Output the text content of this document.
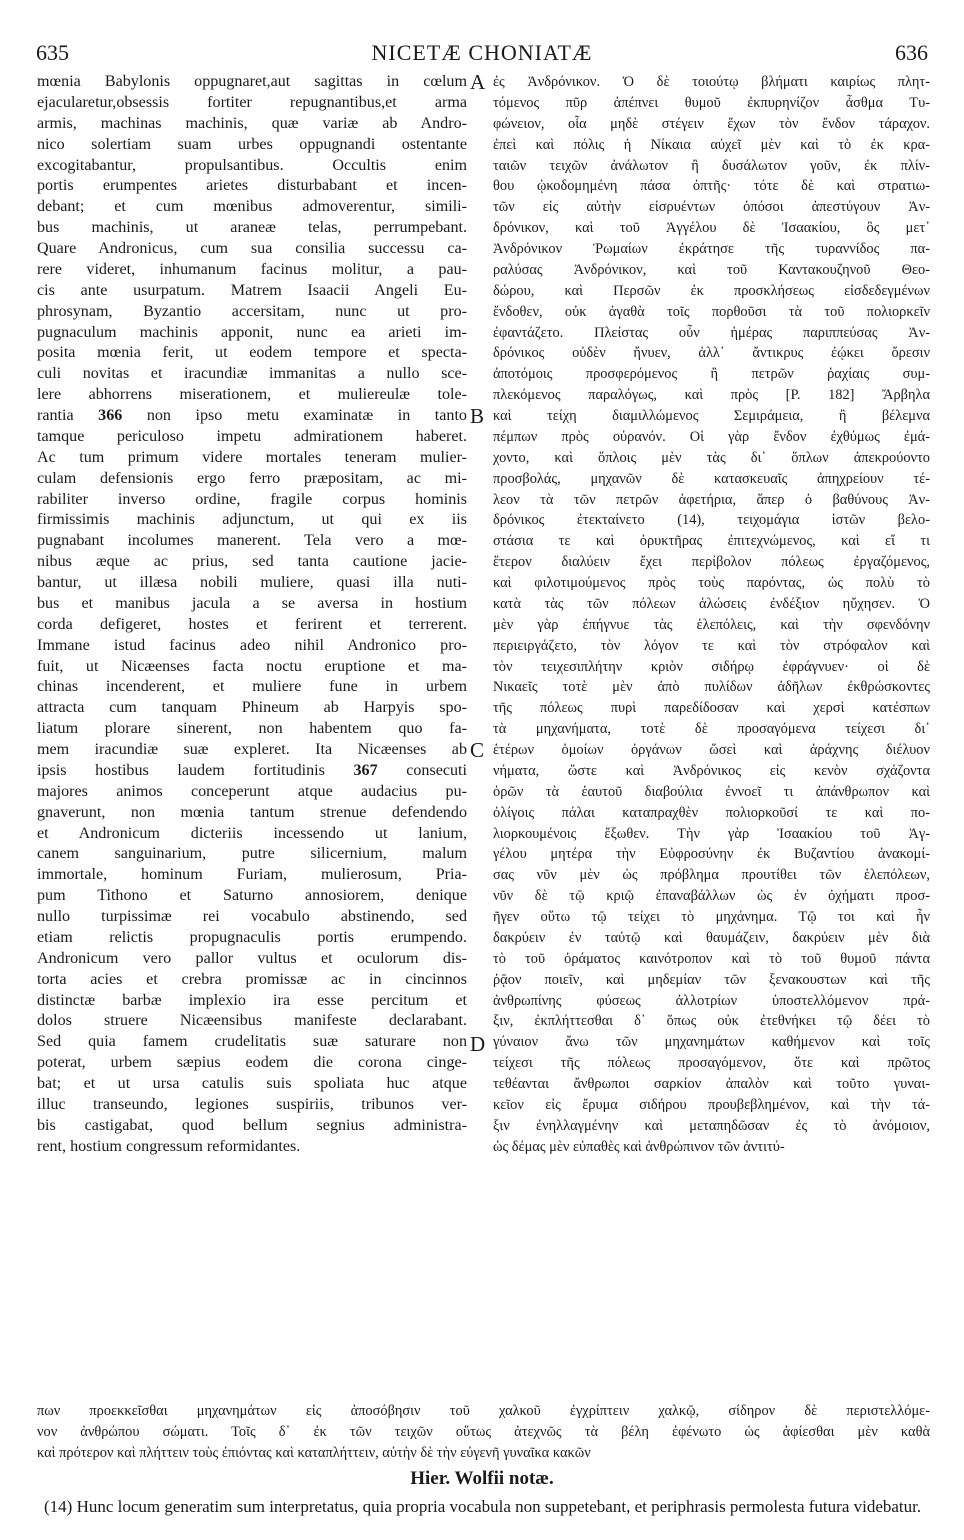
635	NICETÆ CHONIATÆ	636
mœnia Babylonis oppugnaret,aut sagittas in cœlum
ejacularetur,obsessis fortiter repugnantibus,et arma
armis, machinas machinis, quæ variæ ab Andro-
nico solertiam suam urbes oppugnandi ostentante
excogitabantur, propulsantibus. Occultis enim
portis erumpentes arietes disturbabant et incen-
debant; et cum mœnibus admoverentur, simili-
bus machinis, ut araneæ telas, perrumpebant.
Quare Andronicus, cum sua consilia successu ca-
rere videret, inhumanum facinus molitur, a pau-
cis ante usurpatum. Matrem Isaacii Angeli Eu-
phrosynam, Byzantio accersitam, nunc ut pro-
pugnaculum machinis apponit, nunc ea arieti im-
posita mœnia ferit, ut eodem tempore et specta-
culi novitas et iracundiæ immanitas a nullo sce-
lere abhorrens miserationem, et muliereulæ tole-
rantia 366 non ipso metu examinatæ in tanto
tamque periculoso impetu admirationem haberet.
Ac tum primum videre mortales teneram mulier-
culam defensionis ergo ferro præpositam, ac mi-
rabiliter inverso ordine, fragile corpus hominis
firmissimis machinis adjunctum, ut qui ex iis
pugnabant incolumes manerent. Tela vero a mœ-
nibus æque ac prius, sed tanta cautione jacie-
bantur, ut illæsa nobili muliere, quasi illa nuti-
bus et manibus jacula a se aversa in hostium
corda defigeret, hostes et ferirent et terrerent.
Immane istud facinus adeo nihil Andronico pro-
fuit, ut Nicæenses facta noctu eruptione et ma-
chinas incenderent, et muliere fune in urbem
attracta cum tanquam Phineum ab Harpyis spo-
liatum plorare sinerent, non habentem quo fa-
mem iracundiæ suæ expleret. Ita Nicæenses ab
ipsis hostibus laudem fortitudinis 367 consecuti
majores animos conceperunt atque audacius pu-
gnaverunt, non mœnia tantum strenue defendendo
et Andronicum dicteriis incessendo ut lanium,
canem sanguinarium, putre silicernium, malum
immortale, hominum Furiam, mulierosum, Pria-
pum Tithono et Saturno annosiorem, denique
nullo turpissimæ rei vocabulo abstinendo, sed
etiam relictis propugnaculis portis erumpendo.
Andronicum vero pallor vultus et oculorum dis-
torta acies et crebra promissæ ac in cincinnos
distinctæ barbæ implexio ira esse percitum et
dolos struere Nicæensibus manifeste declarabant.
Sed quia famem crudelitatis suæ saturare non
poterat, urbem sæpius eodem die corona cinge-
bat; et ut ursa catulis suis spoliata huc atque
illuc transeundo, legiones suspiriis, tribunos ver-
bis castigabat, quod bellum segnius administra-
rent, hostium congressum reformidantes.
ἐς Ἀνδρόνικον. Ὁ δὲ τοιούτῳ βλήματι καιρίως πλητ-
τόμενος πῦρ ἀπέπνει θυμοῦ ἐκπυρηνίζον ἆσθμα Τυ-
φώνειον, οἷα μηδὲ στέγειν ἔχων τὸν ἔνδον τάραχον.
ἐπεὶ καὶ πόλις ἡ Νίκαια αὐχεῖ μὲν καὶ τὸ ἐκ κρα-
ταιῶν τειχῶν ἀνάλωτον ἢ δυσάλωτον γοῦν, ἐκ πλίν-
θου ᾠκοδομημένη πάσα ὀπτῆς· τότε δὲ καὶ στρατιω-
τῶν εἰς αὐτὴν εἰσρυέντων ὁπόσοι ἀπεστύγουν Ἀν-
δρόνικον, καὶ τοῦ Ἀγγέλου δὲ Ἰσαακίου, ὃς μετ᾽
Ἀνδρόνικον Ῥωμαίων ἐκράτησε τῆς τυραννίδος πα-
ραλύσας Ἀνδρόνικον, καὶ τοῦ Καντακουζηνοῦ Θεο-
δώρου, καὶ Περσῶν ἐκ προσκλήσεως εἰσδεδεγμένων
ἔνδοθεν, οὐκ ἀγαθὰ τοῖς πορθοῦσι τὰ τοῦ πολιορκεῖν
ἐφαντάζετο. Πλείστας οὖν ἡμέρας παριππεύσας Ἀν-
δρόνικος οὐδὲν ἤνυεν, ἀλλ᾽ ἄντικρυς ἐῴκει ὄρεσιν
ἀποτόμοις προσφερόμενος ἢ πετρῶν ῥαχίαις συμ-
πλεκόμενος παραλόγως, καὶ πρὸς [P. 182] Ἄρβηλα
καὶ τείχη διαμιλλώμενος Σεμιράμεια, ἢ βέλεμνα
πέμπων πρὸς οὐρανόν. Οἱ γὰρ ἔνδον ἐχθύμως ἐμά-
χοντο, καὶ ὅπλοις μὲν τὰς δι᾽ ὅπλων ἀπεκρούοντο
προσβολάς, μηχανῶν δὲ κατασκευαῖς ἀπηχρείουν τέ-
λεον τὰ τῶν πετρῶν ἀφετήρια, ἅπερ ὁ βαθύνους Ἀν-
δρόνικος ἐτεκταίνετο (14), τειχομάγια ἱστῶν βελο-
στάσια τε καὶ ὀρυκτῆρας ἐπιτεχνώμενος, καὶ εἴ τι
ἕτερον διαλύειν ἔχει περίβολον πόλεως ἐργαζόμενος,
καὶ φιλοτιμούμενος πρὸς τοὺς παρόντας, ὡς πολὺ τὸ
κατὰ τὰς τῶν πόλεων ἁλώσεις ἐνδέξιον ηὔχησεν. Ὁ
μὲν γὰρ ἐπήγνυε τὰς ἑλεπόλεις, καὶ τὴν σφενδόνην
περιειργάζετο, τὸν λόγον τε καὶ τὸν στρόφαλον καὶ
τὸν τειχεσιπλήτην κριὸν σιδήρῳ ἐφράγνυεν· οἱ δὲ
Νικαεῖς τοτὲ μὲν ἀπὸ πυλίδων ἀδῆλων ἐκθρώσκοντες
τῆς πόλεως πυρὶ παρεδίδοσαν καὶ χερσὶ κατέσπων
τὰ μηχανήματα, τοτὲ δὲ προσαγόμενα τείχεσι δι᾽
ἑτέρων ὁμοίων ὀργάνων ὥσεὶ καὶ ἀράχνης διέλυον
νήματα, ὥστε καὶ Ἀνδρόνικος εἰς κενὸν σχάζοντα
ὁρῶν τὰ ἑαυτοῦ διαβούλια ἐννοεῖ τι ἀπάνθρωπον καὶ
ὀλίγοις πάλαι καταπραχθὲν πολιορκοῦσί τε καὶ πο-
λιορκουμένοις ἔξωθεν. Τὴν γὰρ Ἰσαακίου τοῦ Ἀγ-
γέλου μητέρα τὴν Εὐφροσύνην ἐκ Βυζαντίου ἀνακομί-
σας νῦν μὲν ὡς πρόβλημα προυτίθει τῶν ἑλεπόλεων,
νῦν δὲ τῷ κριῷ ἐπαναβάλλων ὡς ἐν ὀχήματι προσ-
ῆγεν οὕτω τῷ τείχει τὸ μηχάνημα. Τῷ τοι καὶ ἦν
δακρύειν ἐν ταὐτῷ καὶ θαυμάζειν, δακρύειν μὲν διὰ
τὸ τοῦ ὁράματος καινότροπον καὶ τὸ τοῦ θυμοῦ πάντα
ῥᾷον ποιεῖν, καὶ μηδεμίαν τῶν ξενακουστων καὶ τῆς
ἀνθρωπίνης φύσεως ἀλλοτρίων ὑποστελλόμενον πρά-
ξιν, ἐκπλήττεσθαι δ᾽ ὅπως οὐκ ἐτεθνήκει τῷ δέει τὸ
γύναιον ἄνω τῶν μηχανημάτων καθήμενον καὶ τοῖς
τείχεσι τῆς πόλεως προσαγόμενον, ὅτε καὶ πρῶτος
τεθέανται ἄνθρωποι σαρκίον ἁπαλὸν καὶ τοῦτο γυναι-
κεῖον εἰς ἔρυμα σιδήρου προυβεβλημένον, καὶ τὴν τά-
ξιν ἐνηλλαγμένην καὶ μεταπηδῶσαν ἐς τὸ ἀνόμοιον,
ὡς δέμας μὲν εὐπαθὲς καὶ ἀνθρώπινον τῶν ἀντιτύ-
A
B
C
D
πων προεκκεῖσθαι μηχανημάτων εἰς ἀποσόβησιν τοῦ χαλκοῦ ἐγχρίπτειν χαλκῷ, σίδηρον δὲ περιστελλόμε-
νον ἀνθρώπου σώματι. Τοῖς δ᾽ ἐκ τῶν τειχῶν οὕτως ἀτεχνῶς τὰ βέλη ἐφένωτο ὡς ἀφίεσθαι μὲν καθὰ
καὶ πρότερον καὶ πλήττειν τοὺς ἐπιόντας καὶ καταπλήττειν, αὐτὴν δὲ τὴν εὐγενῆ γυναῖκα κακῶν
Hier. Wolfii notæ.
(14) Hunc locum generatim sum interpretatus, quia propria vocabula non suppetebant, et periphrasis permolesta futura videbatur.
